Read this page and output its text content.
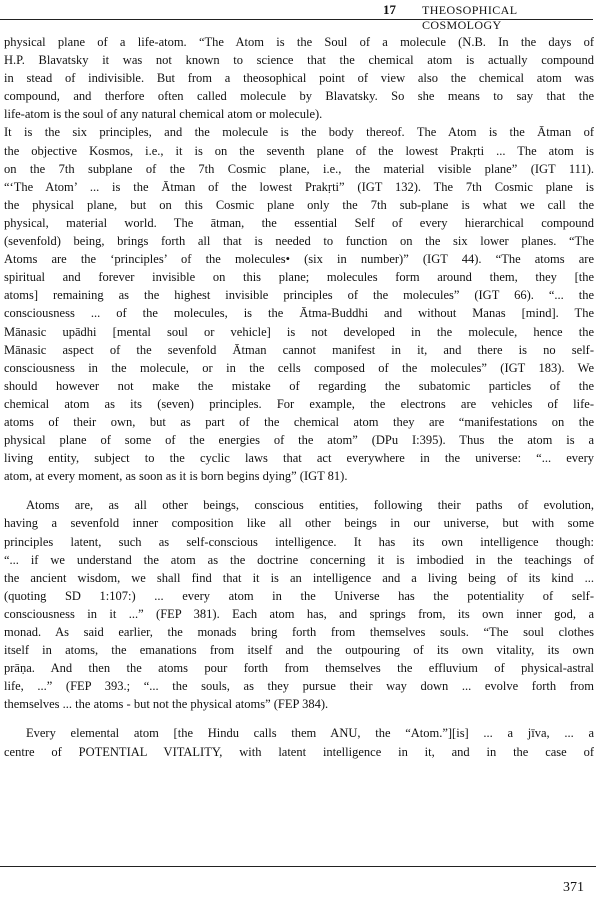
17 THEOSOPHICAL COSMOLOGY

physical plane of a life-atom. “The Atom is the Soul of a molecule (N.B. In the days of
H.P. Blavatsky it was not known to science that the chemical atom is actually compound
in stead of indivisible. But from a theosophical point of view also the chemical atom was
compound, and therfore often called molecule by Blavatsky. So she means to say that the
life-atom is the soul of any natural chemical atom or molecule).
It is the six principles, and the molecule is the body thereof. The Atom is the Ātman of
the objective Kosmos, i.e., it is on the seventh plane of the lowest Prakṛti ... The atom is
on the 7th subplane of the 7th Cosmic plane, i.e., the material visible plane” (IGT 111).
“‘The Atom’ ... is the Ātman of the lowest Prakṛti” (IGT 132). The 7th Cosmic plane is
the physical plane, but on this Cosmic plane only the 7th sub-plane is what we call the
physical, material world. The ātman, the essential Self of every hierarchical compound
(sevenfold) being, brings forth all that is needed to function on the six lower planes. “The
Atoms are the ‘principles’ of the molecules• (six in number)” (IGT 44). “The atoms are
spiritual and forever invisible on this plane; molecules form around them, they [the
atoms] remaining as the highest invisible principles of the molecules” (IGT 66). “... the
consciousness ... of the molecules, is the Ātma-Buddhi and without Manas [mind]. The
Mānasic upādhi [mental soul or vehicle] is not developed in the molecule, hence the
Mānasic aspect of the sevenfold Ātman cannot manifest in it, and there is no self-
consciousness in the molecule, or in the cells composed of the molecules” (IGT 183). We
should however not make the mistake of regarding the subatomic particles of the
chemical atom as its (seven) principles. For example, the electrons are vehicles of life-
atoms of their own, but as part of the chemical atom they are “manifestations on the
physical plane of some of the energies of the atom” (DPu I:395). Thus the atom is a
living entity, subject to the cyclic laws that act everywhere in the universe: “... every
atom, at every moment, as soon as it is born begins dying” (IGT 81).

Atoms are, as all other beings, conscious entities, following their paths of evolution,
having a sevenfold inner composition like all other beings in our universe, but with some
principles latent, such as self-conscious intelligence. It has its own intelligence though:
“... if we understand the atom as the doctrine concerning it is imbodied in the teachings of
the ancient wisdom, we shall find that it is an intelligence and a living being of its kind ...
(quoting SD 1:107:) ... every atom in the Universe has the potentiality of self-
consciousness in it ...” (FEP 381). Each atom has, and springs from, its own inner god, a
monad. As said earlier, the monads bring forth from themselves souls. “The soul clothes
itself in atoms, the emanations from itself and the outpouring of its own vitality, its own
prāṇa. And then the atoms pour forth from themselves the effluvium of physical-astral
life, ...” (FEP 393.; “... the souls, as they pursue their way down ... evolve forth from
themselves ... the atoms - but not the physical atoms” (FEP 384).

Every elemental atom [the Hindu calls them ANU, the “Atom.”][is] ... a jīva, ... a
centre of POTENTIAL VITALITY, with latent intelligence in it, and in the case of

371
